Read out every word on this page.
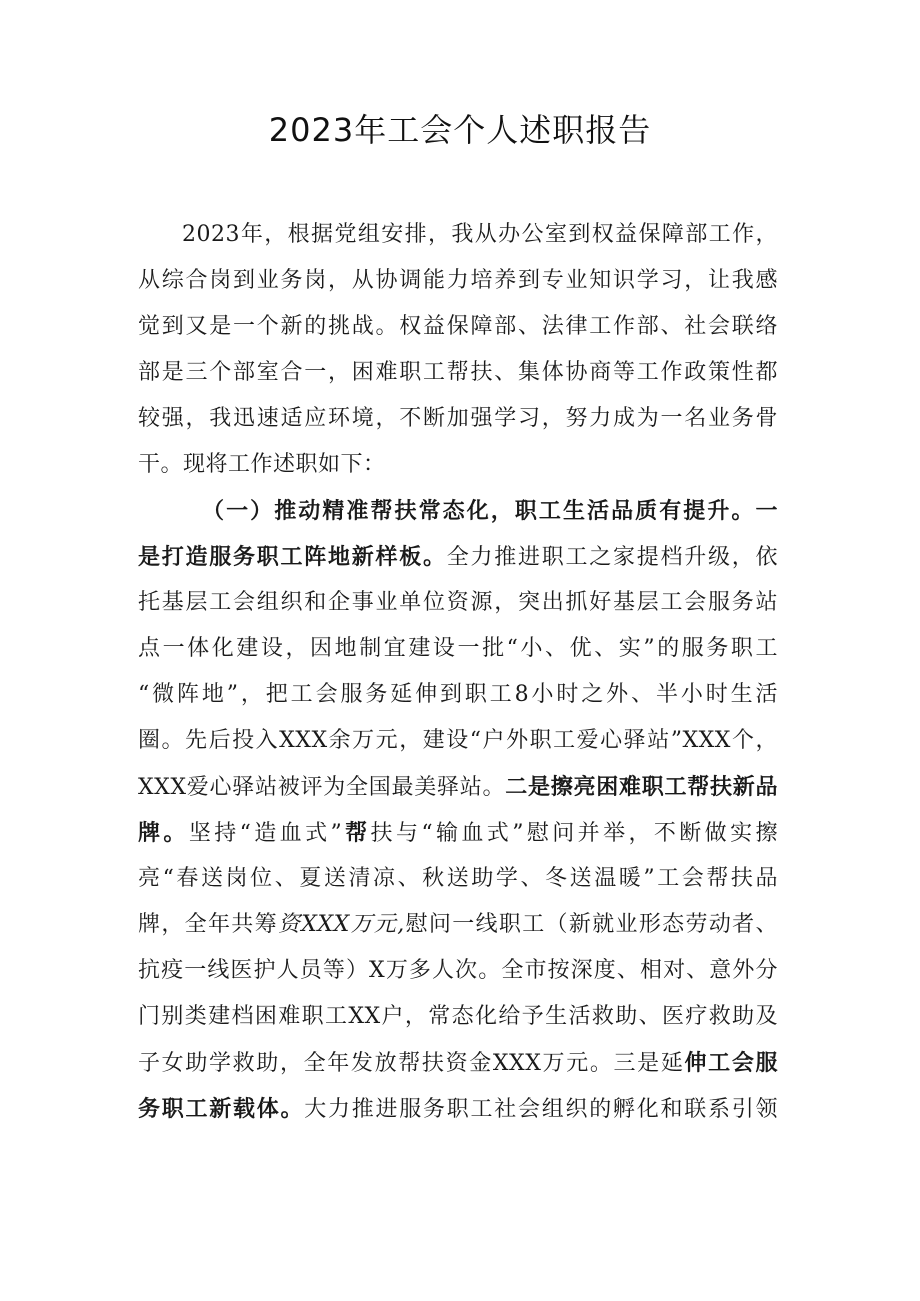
2023年工会个人述职报告
2023年，根据党组安排，我从办公室到权益保障部工作，
从综合岗到业务岗，从协调能力培养到专业知识学习，让我感
觉到又是一个新的挑战。权益保障部、法律工作部、社会联络
部是三个部室合一，困难职工帮扶、集体协商等工作政策性都
较强，我迅速适应环境，不断加强学习，努力成为一名业务骨
干。现将工作述职如下：
（一）推动精准帮扶常态化，职工生活品质有提升。一
是打造服务职工阵地新样板。全力推进职工之家提档升级，依
托基层工会组织和企事业单位资源，突出抓好基层工会服务站
点一体化建设，因地制宜建设一批“小、优、实”的服务职工
“微阵地”，把工会服务延伸到职工8小时之外、半小时生活
圈。先后投入XXX余万元，建设“户外职工爱心驿站”XXX个，
XXX爱心驿站被评为全国最美驿站。二是擦亮困难职工帮扶新品
牌。坚持“造血式”帮扶与“输血式”慰问并举，不断做实擦
亮“春送岗位、夏送清凉、秋送助学、冬送温暖”工会帮扶品
牌，全年共筹资XXX万元,慰问一线职工（新就业形态劳动者、
抗疫一线医护人员等）X万多人次。全市按深度、相对、意外分
门别类建档困难职工XX户，常态化给予生活救助、医疗救助及
子女助学救助，全年发放帮扶资金XXX万元。三是延伸工会服
务职工新载体。大力推进服务职工社会组织的孵化和联系引领
